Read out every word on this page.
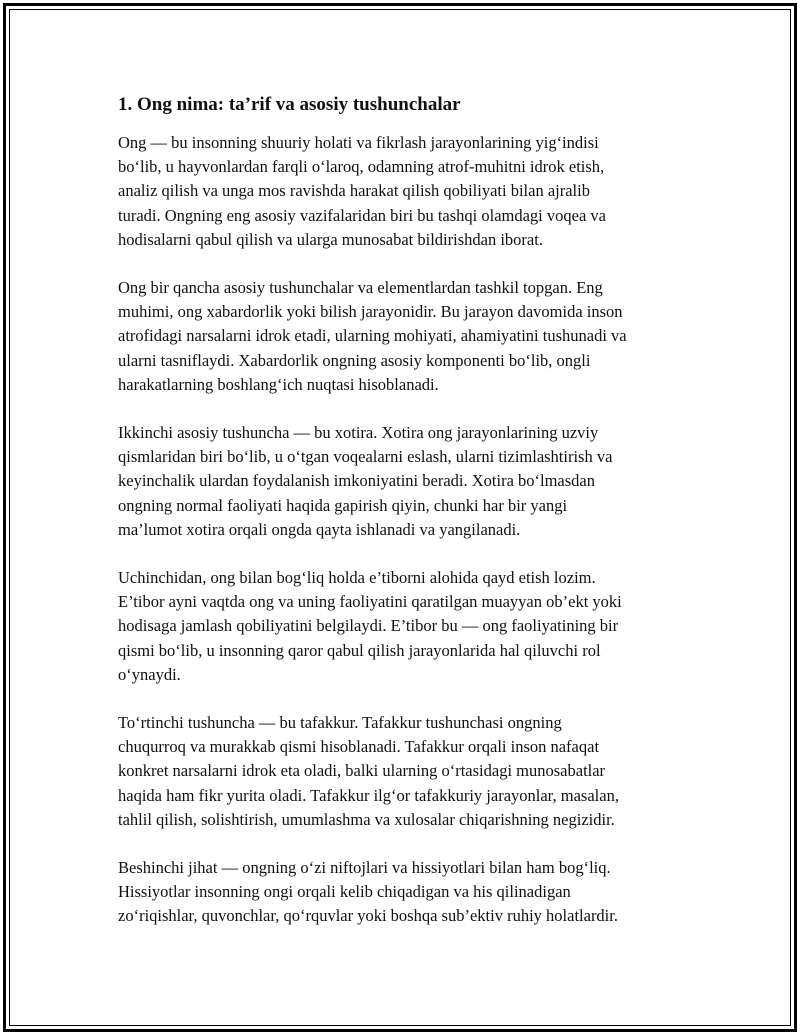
1. Ong nima: ta’rif va asosiy tushunchalar

Ong — bu insonning shuuriy holati va fikrlash jarayonlarining yig‘indisi
bo‘lib, u hayvonlardan farqli o‘laroq, odamning atrof-muhitni idrok etish,
analiz qilish va unga mos ravishda harakat qilish qobiliyati bilan ajralib
turadi. Ongning eng asosiy vazifalaridan biri bu tashqi olamdagi voqea va
hodisalarni qabul qilish va ularga munosabat bildirishdan iborat.

Ong bir qancha asosiy tushunchalar va elementlardan tashkil topgan. Eng
muhimi, ong xabardorlik yoki bilish jarayonidir. Bu jarayon davomida inson
atrofidagi narsalarni idrok etadi, ularning mohiyati, ahamiyatini tushunadi va
ularni tasniflaydi. Xabardorlik ongning asosiy komponenti bo‘lib, ongli
harakatlarning boshlang‘ich nuqtasi hisoblanadi.

Ikkinchi asosiy tushuncha — bu xotira. Xotira ong jarayonlarining uzviy
qismlaridan biri bo‘lib, u o‘tgan voqealarni eslash, ularni tizimlashtirish va
keyinchalik ulardan foydalanish imkoniyatini beradi. Xotira bo‘lmasdan
ongning normal faoliyati haqida gapirish qiyin, chunki har bir yangi
ma’lumot xotira orqali ongda qayta ishlanadi va yangilanadi.

Uchinchidan, ong bilan bog‘liq holda e’tiborni alohida qayd etish lozim.
E’tibor ayni vaqtda ong va uning faoliyatini qaratilgan muayyan ob’ekt yoki
hodisaga jamlash qobiliyatini belgilaydi. E’tibor bu — ong faoliyatining bir
qismi bo‘lib, u insonning qaror qabul qilish jarayonlarida hal qiluvchi rol
o‘ynaydi.

To‘rtinchi tushuncha — bu tafakkur. Tafakkur tushunchasi ongning
chuqurroq va murakkab qismi hisoblanadi. Tafakkur orqali inson nafaqat
konkret narsalarni idrok eta oladi, balki ularning o‘rtasidagi munosabatlar
haqida ham fikr yurita oladi. Tafakkur ilg‘or tafakkuriy jarayonlar, masalan,
tahlil qilish, solishtirish, umumlashma va xulosalar chiqarishning negizidir.

Beshinchi jihat — ongning o‘zi niftojlari va hissiyotlari bilan ham bog‘liq.
Hissiyotlar insonning ongi orqali kelib chiqadigan va his qilinadigan
zo‘riqishlar, quvonchlar, qo‘rquvlar yoki boshqa sub’ektiv ruhiy holatlardir.
